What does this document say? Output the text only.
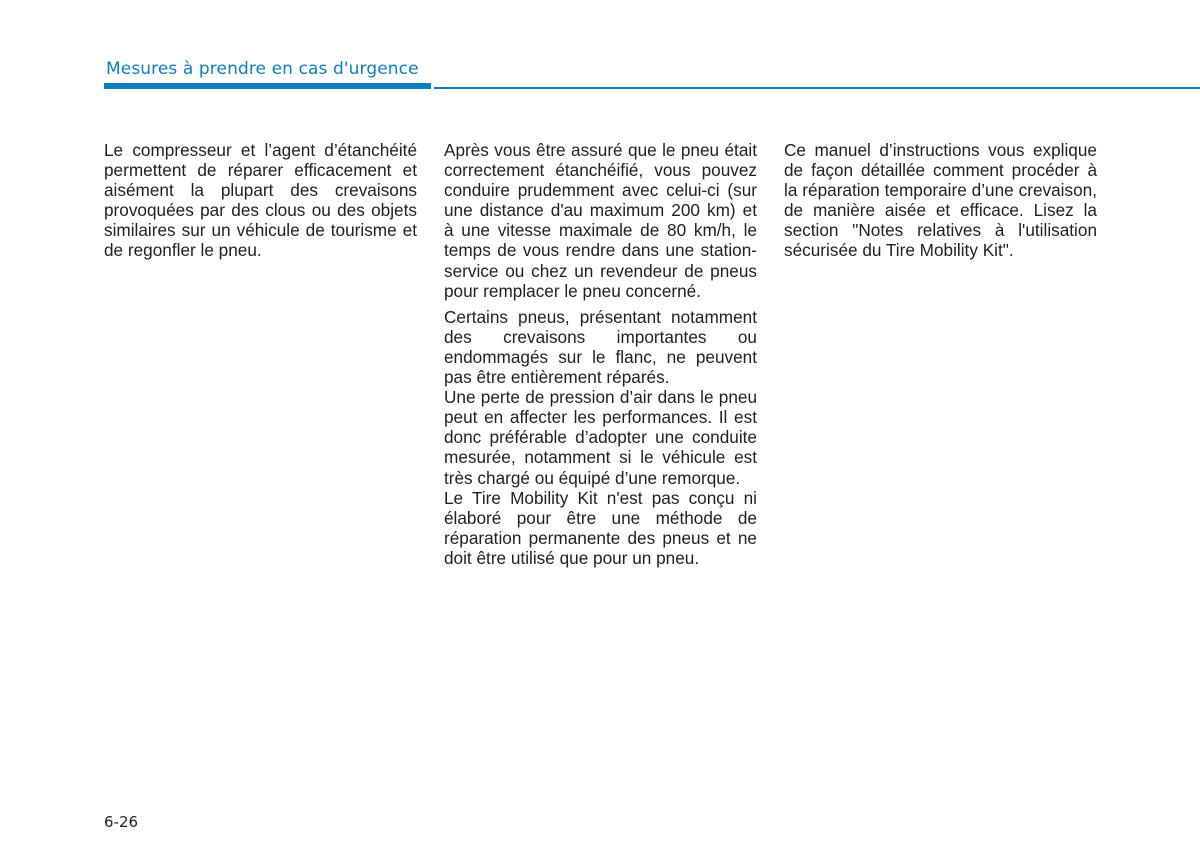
Mesures à prendre en cas d'urgence

Le compresseur et l’agent d’étanchéité permettent de réparer efficacement et aisément la plupart des crevaisons provoquées par des clous ou des objets similaires sur un véhicule de tourisme et de regonfler le pneu.

Après vous être assuré que le pneu était correctement étanchéifié, vous pouvez conduire prudemment avec celui-ci (sur une distance d'au maximum 200 km) et à une vitesse maximale de 80 km/h, le temps de vous rendre dans une station-service ou chez un revendeur de pneus pour remplacer le pneu concerné.

Certains pneus, présentant notamment des crevaisons importantes ou endommagés sur le flanc, ne peuvent pas être entièrement réparés.

Une perte de pression d’air dans le pneu peut en affecter les performances. Il est donc préférable d’adopter une conduite mesurée, notamment si le véhicule est très chargé ou équipé d’une remorque.

Le Tire Mobility Kit n'est pas conçu ni élaboré pour être une méthode de réparation permanente des pneus et ne doit être utilisé que pour un pneu.

Ce manuel d’instructions vous explique de façon détaillée comment procéder à la réparation temporaire d’une crevaison, de manière aisée et efficace. Lisez la section "Notes relatives à l'utilisation sécurisée du Tire Mobility Kit".

6-26
